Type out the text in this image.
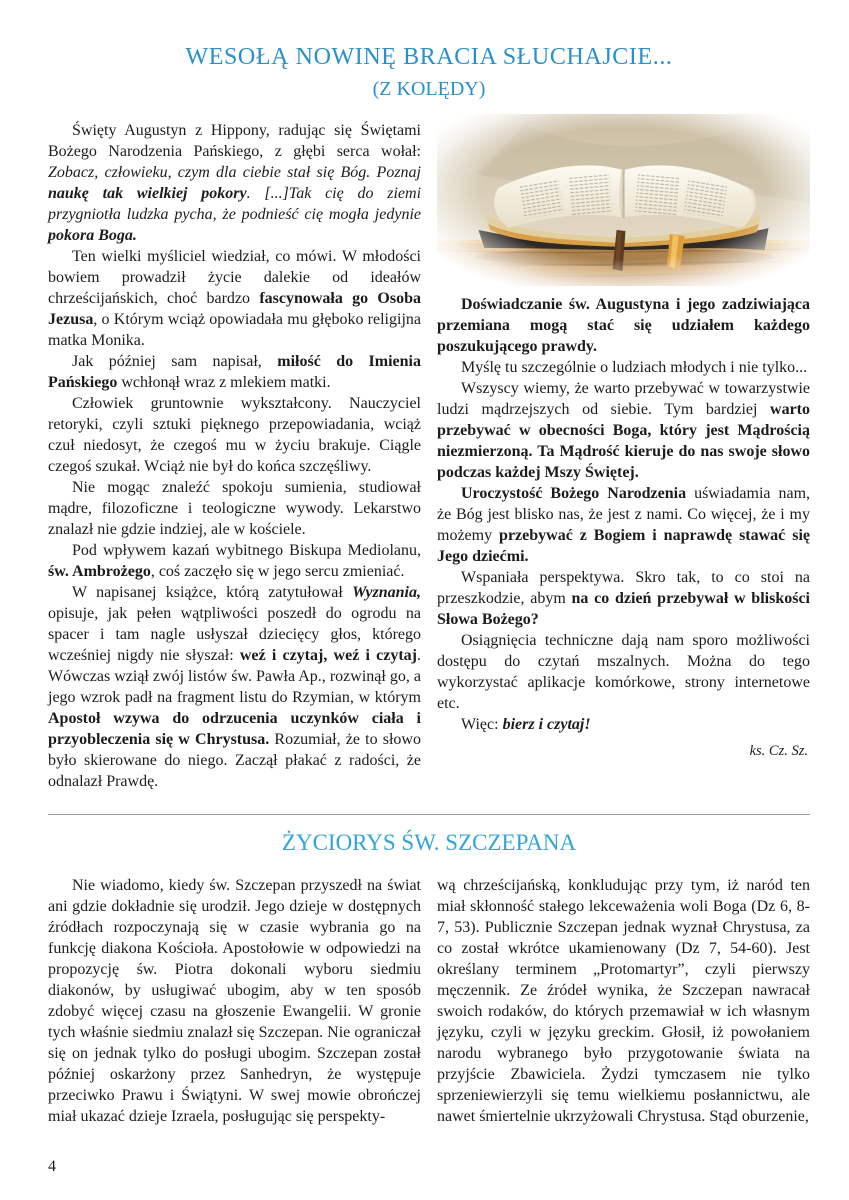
WESOŁĄ NOWINĘ BRACIA SŁUCHAJCIE...
(Z KOLĘDY)

Święty Augustyn z Hippony, radując się Świętami Bożego Narodzenia Pańskiego, z głębi serca wołał: Zobacz, człowieku, czym dla ciebie stał się Bóg. Poznaj naukę tak wielkiej pokory. [...]Tak cię do ziemi przygniotła ludzka pycha, że podnieść cię mogła jedynie pokora Boga.

Ten wielki myśliciel wiedział, co mówi. W młodości bowiem prowadził życie dalekie od ideałów chrześcijańskich, choć bardzo fascynowała go Osoba Jezusa, o Którym wciąż opowiadała mu głęboko religijna matka Monika.

Jak później sam napisał, miłość do Imienia Pańskiego wchłonął wraz z mlekiem matki.

Człowiek gruntownie wykształcony. Nauczyciel retoryki, czyli sztuki pięknego przepowiadania, wciąż czuł niedosyt, że czegoś mu w życiu brakuje. Ciągle czegoś szukał. Wciąż nie był do końca szczęśliwy.

Nie mogąc znaleźć spokoju sumienia, studiował mądre, filozoficzne i teologiczne wywody. Lekarstwo znalazł nie gdzie indziej, ale w kościele.

Pod wpływem kazań wybitnego Biskupa Mediolanu, św. Ambrożego, coś zaczęło się w jego sercu zmieniać.

W napisanej książce, którą zatytułował Wyznania, opisuje, jak pełen wątpliwości poszedł do ogrodu na spacer i tam nagle usłyszał dziecięcy głos, którego wcześniej nigdy nie słyszał: weź i czytaj, weź i czytaj. Wówczas wziął zwój listów św. Pawła Ap., rozwinął go, a jego wzrok padł na fragment listu do Rzymian, w którym Apostoł wzywa do odrzucenia uczynków ciała i przyobleczenia się w Chrystusa. Rozumiał, że to słowo było skierowane do niego. Zaczął płakać z radości, że odnalazł Prawdę.

Doświadczanie św. Augustyna i jego zadziwiająca przemiana mogą stać się udziałem każdego poszukującego prawdy.

Myślę tu szczególnie o ludziach młodych i nie tylko...

Wszyscy wiemy, że warto przebywać w towarzystwie ludzi mądrzejszych od siebie. Tym bardziej warto przebywać w obecności Boga, który jest Mądrością niezmierzoną. Ta Mądrość kieruje do nas swoje słowo podczas każdej Mszy Świętej.

Uroczystość Bożego Narodzenia uświadamia nam, że Bóg jest blisko nas, że jest z nami. Co więcej, że i my możemy przebywać z Bogiem i naprawdę stawać się Jego dziećmi.

Wspaniała perspektywa. Skro tak, to co stoi na przeszkodzie, abym na co dzień przebywał w bliskości Słowa Bożego?

Osiągnięcia techniczne dają nam sporo możliwości dostępu do czytań mszalnych. Można do tego wykorzystać aplikacje komórkowe, strony internetowe etc.

Więc: bierz i czytaj!

ks. Cz. Sz.
ŻYCIORYS ŚW. SZCZEPANA

Nie wiadomo, kiedy św. Szczepan przyszedł na świat ani gdzie dokładnie się urodził. Jego dzieje w dostępnych źródłach rozpoczynają się w czasie wybrania go na funkcję diakona Kościoła. Apostołowie w odpowiedzi na propozycję św. Piotra dokonali wyboru siedmiu diakonów, by usługiwać ubogim, aby w ten sposób zdobyć więcej czasu na głoszenie Ewangelii. W gronie tych właśnie siedmiu znalazł się Szczepan. Nie ograniczał się on jednak tylko do posługi ubogim. Szczepan został później oskarżony przez Sanhedryn, że występuje przeciwko Prawu i Świątyni. W swej mowie obrończej miał ukazać dzieje Izraela, posługując się perspekty-

wą chrześcijańską, konkludując przy tym, iż naród ten miał skłonność stałego lekceważenia woli Boga (Dz 6, 8-7, 53). Publicznie Szczepan jednak wyznał Chrystusa, za co został wkrótce ukamienowany (Dz 7, 54-60). Jest określany terminem „Protomartyr”, czyli pierwszy męczennik. Ze źródeł wynika, że Szczepan nawracał swoich rodaków, do których przemawiał w ich własnym języku, czyli w języku greckim. Głosił, iż powołaniem narodu wybranego było przygotowanie świata na przyjście Zbawiciela. Żydzi tymczasem nie tylko sprzeniewierzyli się temu wielkiemu posłannictwu, ale nawet śmiertelnie ukrzyżowali Chrystusa. Stąd oburzenie,

4
